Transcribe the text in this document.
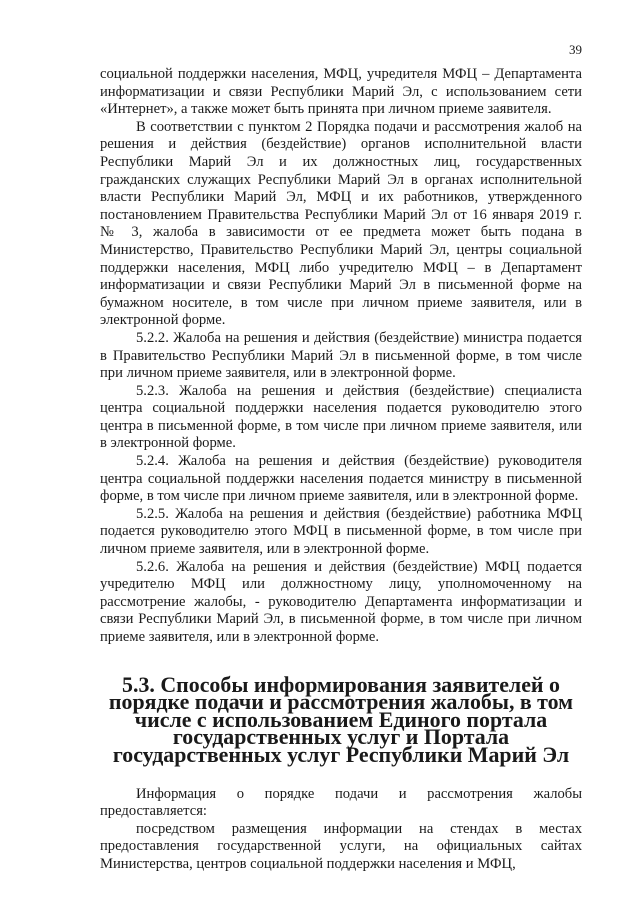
39

социальной поддержки населения, МФЦ, учредителя МФЦ – Департамента информатизации и связи Республики Марий Эл, с использованием сети «Интернет», а также может быть принята при личном приеме заявителя.

В соответствии с пунктом 2 Порядка подачи и рассмотрения жалоб на решения и действия (бездействие) органов исполнительной власти Республики Марий Эл и их должностных лиц, государственных гражданских служащих Республики Марий Эл в органах исполнительной власти Республики Марий Эл, МФЦ и их работников, утвержденного постановлением Правительства Республики Марий Эл от 16 января 2019 г. № 3, жалоба в зависимости от ее предмета может быть подана в Министерство, Правительство Республики Марий Эл, центры социальной поддержки населения, МФЦ либо учредителю МФЦ – в Департамент информатизации и связи Республики Марий Эл в письменной форме на бумажном носителе, в том числе при личном приеме заявителя, или в электронной форме.

5.2.2. Жалоба на решения и действия (бездействие) министра подается в Правительство Республики Марий Эл в письменной форме, в том числе при личном приеме заявителя, или в электронной форме.

5.2.3. Жалоба на решения и действия (бездействие) специалиста центра социальной поддержки населения подается руководителю этого центра в письменной форме, в том числе при личном приеме заявителя, или в электронной форме.

5.2.4. Жалоба на решения и действия (бездействие) руководителя центра социальной поддержки населения подается министру в письменной форме, в том числе при личном приеме заявителя, или в электронной форме.

5.2.5. Жалоба на решения и действия (бездействие) работника МФЦ подается руководителю этого МФЦ в письменной форме, в том числе при личном приеме заявителя, или в электронной форме.

5.2.6. Жалоба на решения и действия (бездействие) МФЦ подается учредителю МФЦ или должностному лицу, уполномоченному на рассмотрение жалобы, - руководителю Департамента информатизации и связи Республики Марий Эл, в письменной форме, в том числе при личном приеме заявителя, или в электронной форме.

5.3. Способы информирования заявителей о порядке подачи и рассмотрения жалобы, в том числе с использованием Единого портала государственных услуг и Портала государственных услуг Республики Марий Эл

Информация о порядке подачи и рассмотрения жалобы предоставляется:

посредством размещения информации на стендах в местах предоставления государственной услуги, на официальных сайтах Министерства, центров социальной поддержки населения и МФЦ,
